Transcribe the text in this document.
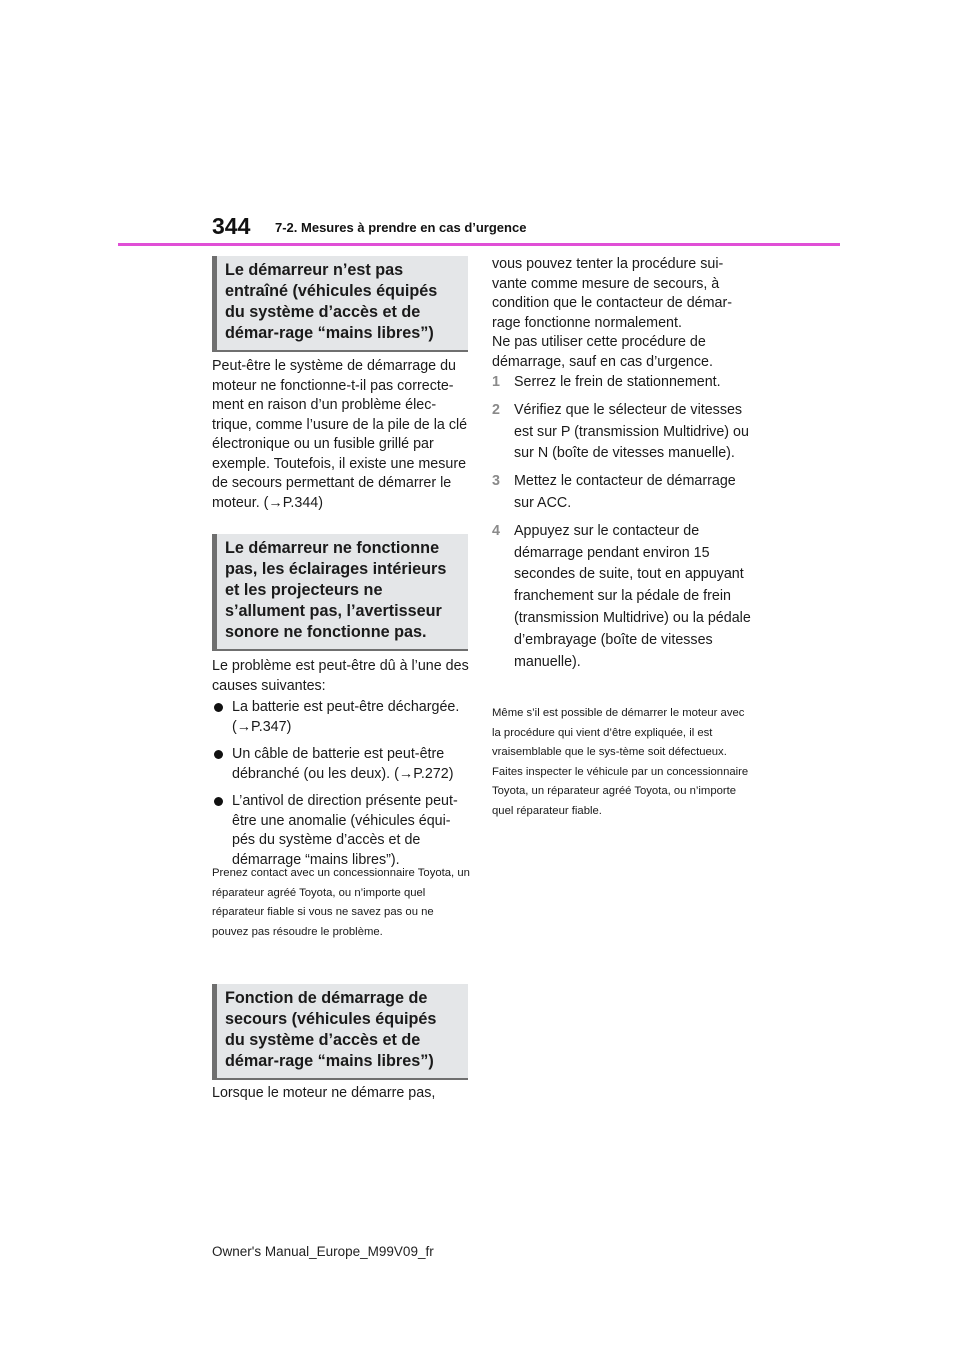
344 7-2. Mesures à prendre en cas d’urgence
Le démarreur n’est pas entraîné (véhicules équipés du système d’accès et de démar-rage “mains libres”)
Peut-être le système de démarrage du moteur ne fonctionne-t-il pas correcte-ment en raison d’un problème élec-trique, comme l’usure de la pile de la clé électronique ou un fusible grillé par exemple. Toutefois, il existe une mesure de secours permettant de démarrer le moteur. (→P.344)
Le démarreur ne fonctionne pas, les éclairages intérieurs et les projecteurs ne s’allument pas, l’avertisseur sonore ne fonctionne pas.
Le problème est peut-être dû à l’une des causes suivantes:
La batterie est peut-être déchargée. (→P.347)
Un câble de batterie est peut-être débranché (ou les deux). (→P.272)
L’antivol de direction présente peut-être une anomalie (véhicules équi-pés du système d’accès et de démarrage “mains libres”).
Prenez contact avec un concessionnaire Toyota, un réparateur agréé Toyota, ou n’importe quel réparateur fiable si vous ne savez pas ou ne pouvez pas résoudre le problème.
Fonction de démarrage de secours (véhicules équipés du système d’accès et de démar-rage “mains libres”)
Lorsque le moteur ne démarre pas,
vous pouvez tenter la procédure sui-vante comme mesure de secours, à condition que le contacteur de démar-rage fonctionne normalement.
Ne pas utiliser cette procédure de démarrage, sauf en cas d’urgence.
1 Serrez le frein de stationnement.
2 Vérifiez que le sélecteur de vitesses est sur P (transmission Multidrive) ou sur N (boîte de vitesses manuelle).
3 Mettez le contacteur de démarrage sur ACC.
4 Appuyez sur le contacteur de démarrage pendant environ 15 secondes de suite, tout en appuyant franchement sur la pédale de frein (transmission Multidrive) ou la pédale d’embrayage (boîte de vitesses manuelle).
Même s’il est possible de démarrer le moteur avec la procédure qui vient d’être expliquée, il est vraisemblable que le sys-tème soit défectueux. Faites inspecter le véhicule par un concessionnaire Toyota, un réparateur agréé Toyota, ou n’importe quel réparateur fiable.
Owner's Manual_Europe_M99V09_fr
